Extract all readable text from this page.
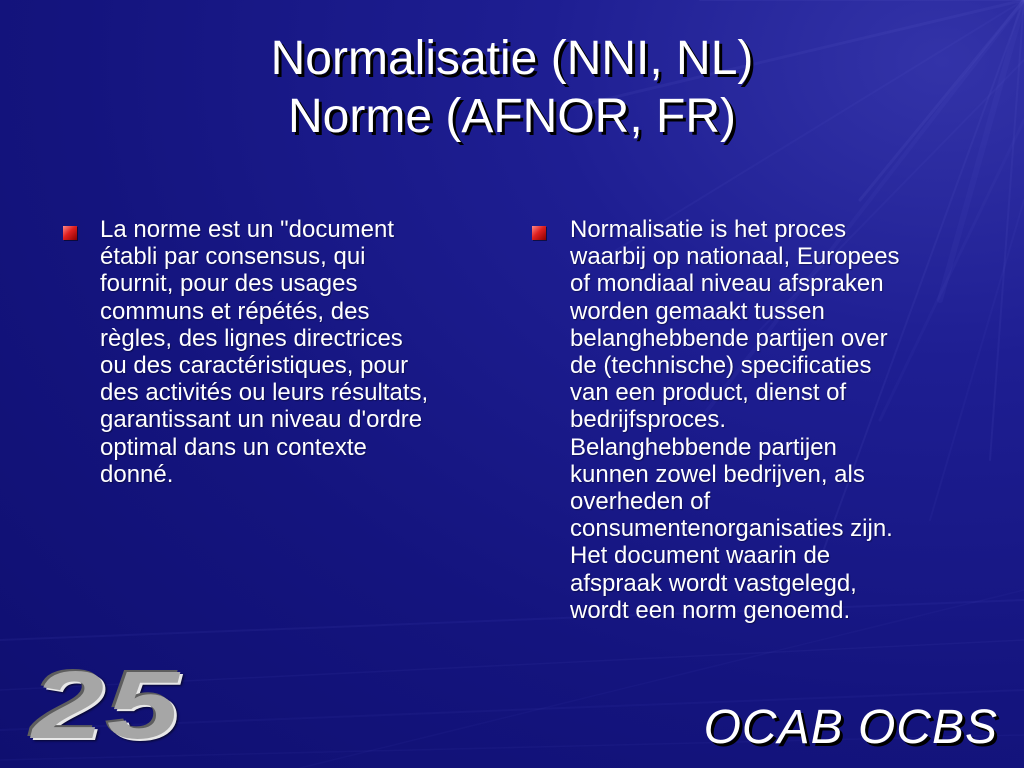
Normalisatie (NNI, NL)
Norme (AFNOR, FR)
La norme est un "document
établi par consensus, qui
fournit, pour des usages
communs et répétés, des
règles, des lignes directrices
ou des caractéristiques, pour
des activités ou leurs résultats,
garantissant un niveau d'ordre
optimal dans un contexte
donné.
Normalisatie is het proces
waarbij op nationaal, Europees
of mondiaal niveau afspraken
worden gemaakt tussen
belanghebbende partijen over
de (technische) specificaties
van een product, dienst of
bedrijfsproces.
Belanghebbende partijen
kunnen zowel bedrijven, als
overheden of
consumentenorganisaties zijn.
Het document waarin de
afspraak wordt vastgelegd,
wordt een norm genoemd.
25	OCAB OCBS
